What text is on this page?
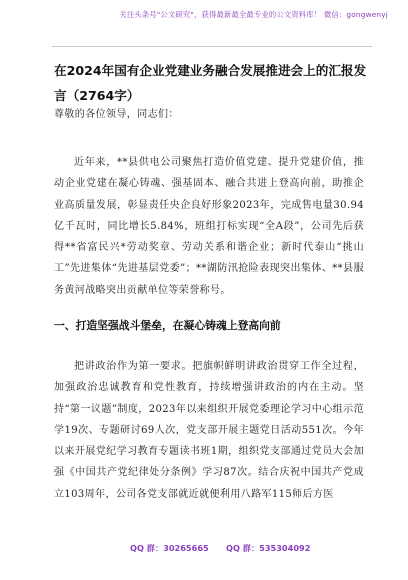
关注头条号"公文研究"，获得最新最全最专业的公文资料库！ 微信：gongwenyj
在2024年国有企业党建业务融合发展推进会上的汇报发言（2764字）
尊敬的各位领导，同志们：
近年来，**县供电公司聚焦打造价值党建、提升党建价值，推动企业党建在凝心铸魂、强基固本、融合共进上登高向前，助推企业高质量发展，彰显责任央企良好形象2023年，完成售电量30.94亿千瓦时，同比增长5.84%，班组打标实现“全A段”，公司先后获得**省富民兴*劳动奖章、劳动关系和谐企业；新时代泰山“挑山工”先进集体“先进基层党委”；**湖防汛抢险表现突出集体、**县服务黄河战略突出贡献单位等荣誉称号。
一、打造坚强战斗堡垒，在凝心铸魂上登高向前
把讲政治作为第一要求。把旗帜鲜明讲政治贯穿工作全过程，加强政治忠诚教育和党性教育，持续增强讲政治的内在主动。坚持“第一议题”制度，2023年以来组织开展党委理论学习中心组示范学19次、专题研讨69人次，党支部开展主题党日活动551次。今年以来开展党纪学习教育专题读书班1期，组织党支部通过党员大会加强《中国共产党纪律处分条例》学习87次。结合庆祝中国共产党成立103周年，公司各党支部就近就便利用八路军115师后方医
QQ 群：30265665 QQ 群：535304092
